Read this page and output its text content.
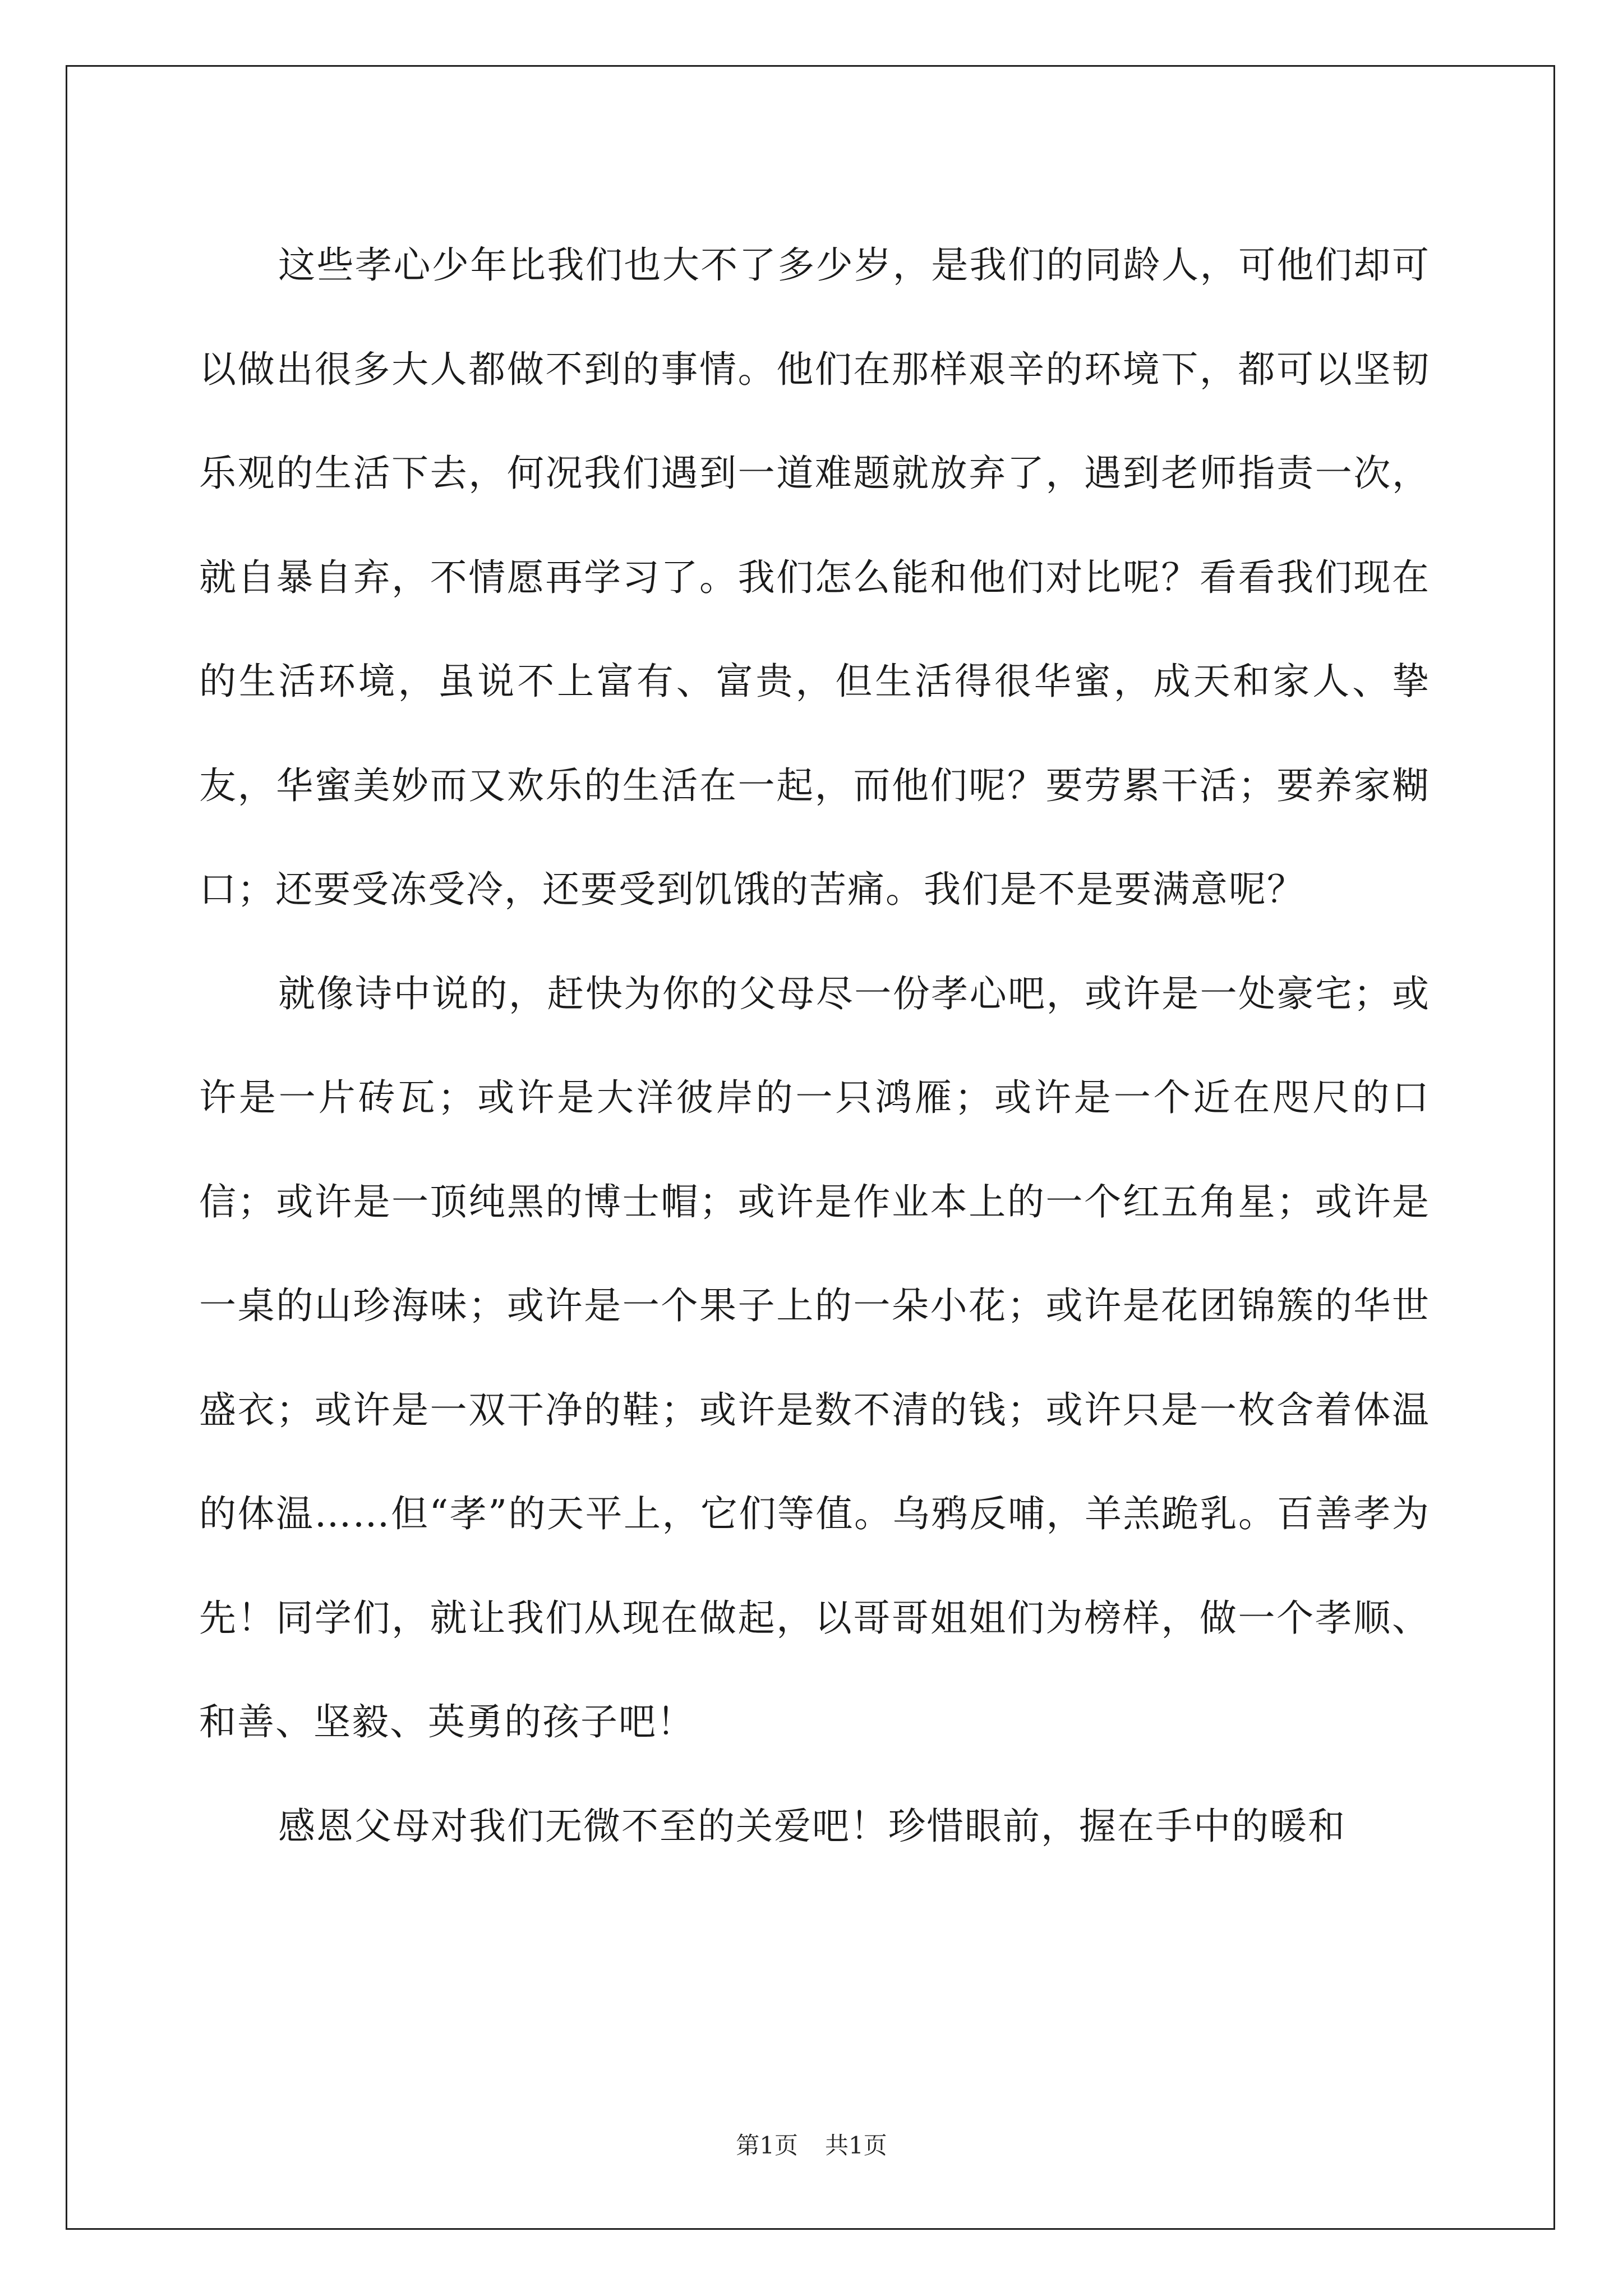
这些孝心少年比我们也大不了多少岁，是我们的同龄人，可他们却可以做出很多大人都做不到的事情。他们在那样艰辛的环境下，都可以坚韧乐观的生活下去，何况我们遇到一道难题就放弃了，遇到老师指责一次，就自暴自弃，不情愿再学习了。我们怎么能和他们对比呢？看看我们现在的生活环境，虽说不上富有、富贵，但生活得很华蜜，成天和家人、挚友，华蜜美妙而又欢乐的生活在一起，而他们呢？要劳累干活；要养家糊口；还要受冻受冷，还要受到饥饿的苦痛。我们是不是要满意呢？

就像诗中说的，赶快为你的父母尽一份孝心吧，或许是一处豪宅；或许是一片砖瓦；或许是大洋彼岸的一只鸿雁；或许是一个近在咫尺的口信；或许是一顶纯黑的博士帽；或许是作业本上的一个红五角星；或许是一桌的山珍海味；或许是一个果子上的一朵小花；或许是花团锦簇的华世盛衣；或许是一双干净的鞋；或许是数不清的钱；或许只是一枚含着体温的体温……但“孝”的天平上，它们等值。乌鸦反哺，羊羔跪乳。百善孝为先！同学们，就让我们从现在做起，以哥哥姐姐们为榜样，做一个孝顺、和善、坚毅、英勇的孩子吧！

感恩父母对我们无微不至的关爱吧！珍惜眼前，握在手中的暖和

第1页 共1页
